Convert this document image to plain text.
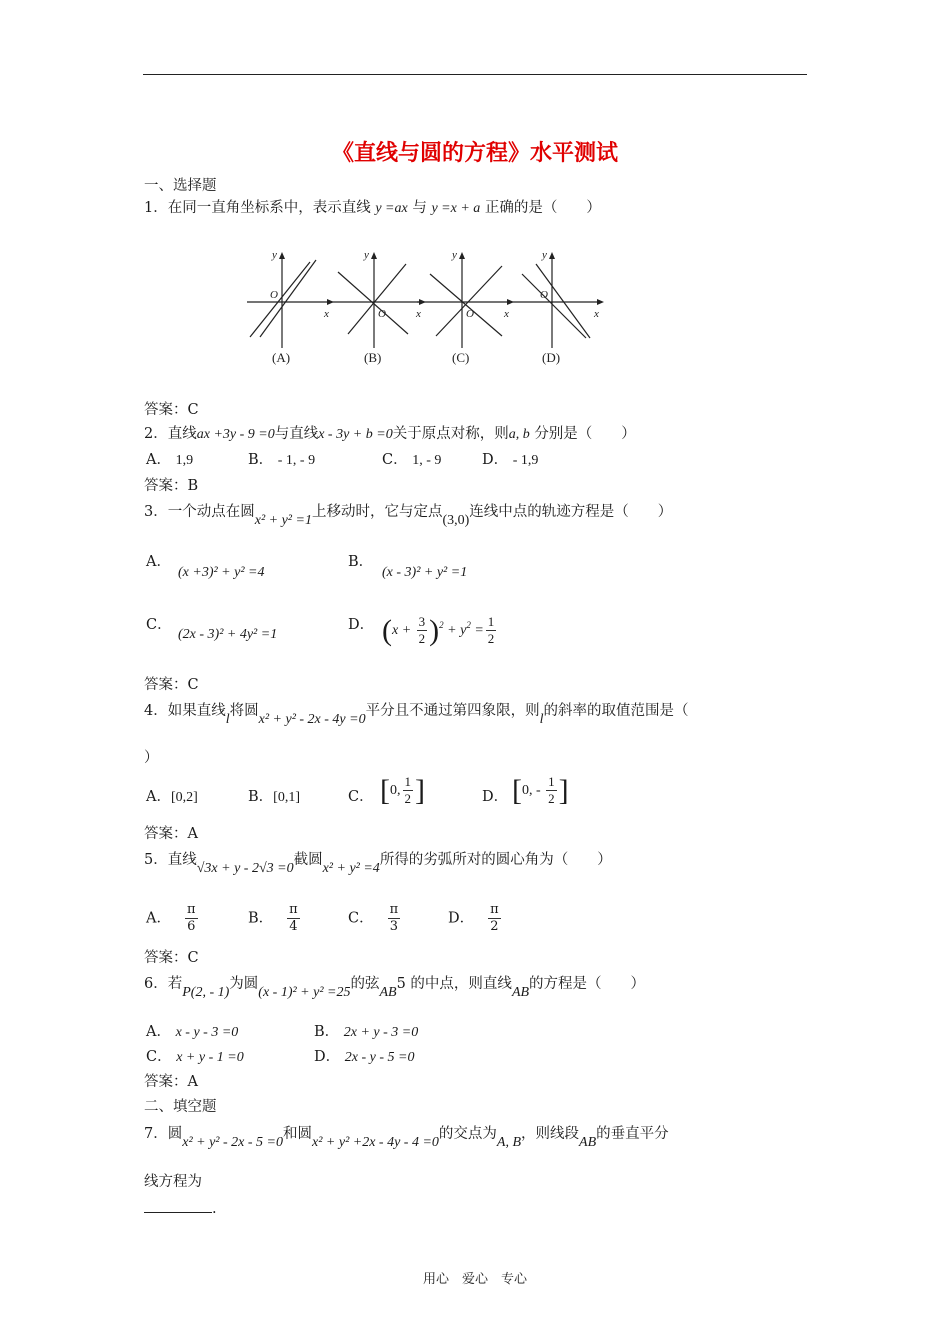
《直线与圆的方程》水平测试
一、选择题
1．在同一直角坐标系中，表示直线 y =ax 与 y =x + a 正确的是（　　）
x
y
O
(A)
x
y
O
(B)
x
y
O
(C)
x
y
O
(D)
答案：C
2．直线ax +3y - 9 =0与直线x - 3y + b =0关于原点对称，则a, b 分别是（　　）
A． 1,9	B． - 1, - 9	C． 1, - 9	D． - 1,9
答案：B
3．一个动点在圆x² + y² =1上移动时，它与定点(3,0)连线中点的轨迹方程是（　　）
A．
(x +3)² + y² =4
B．
(x - 3)² + y² =1
C．
(2x - 3)² + 4y² =1
D． $(x + \frac{3}{2} )^2 + y^2 = \frac{1}{2}$
答案：C
4．如果直线l将圆x² + y² - 2x - 4y =0平分且不通过第四象限，则l的斜率的取值范围是（
）
A．[0,2]	B．[0,1]	C． [0, $\frac{1}{2}$ ]	D． [0, - $\frac{1}{2}$ ]
答案：A
5．直线√3x + y - 2√3 =0截圆x² + y² =4所得的劣弧所对的圆心角为（　　）
A． $\frac{\pi}{6}$	B． $\frac{\pi}{4}$	C． $\frac{\pi}{3}$	D． $\frac{\pi}{2}$
答案：C
6．若P(2, - 1)为圆(x - 1)² + y² =25的弦AB5 的中点，则直线AB的方程是（　　）
A． x - y - 3 =0	B． 2x + y - 3 =0
C． x + y - 1 =0	D． 2x - y - 5 =0
答案：A
二、填空题
7．圆x² + y² - 2x - 5 =0和圆x² + y² +2x - 4y - 4 =0的交点为A, B，则线段AB的垂直平分
线方程为
.
用心　爱心　专心
